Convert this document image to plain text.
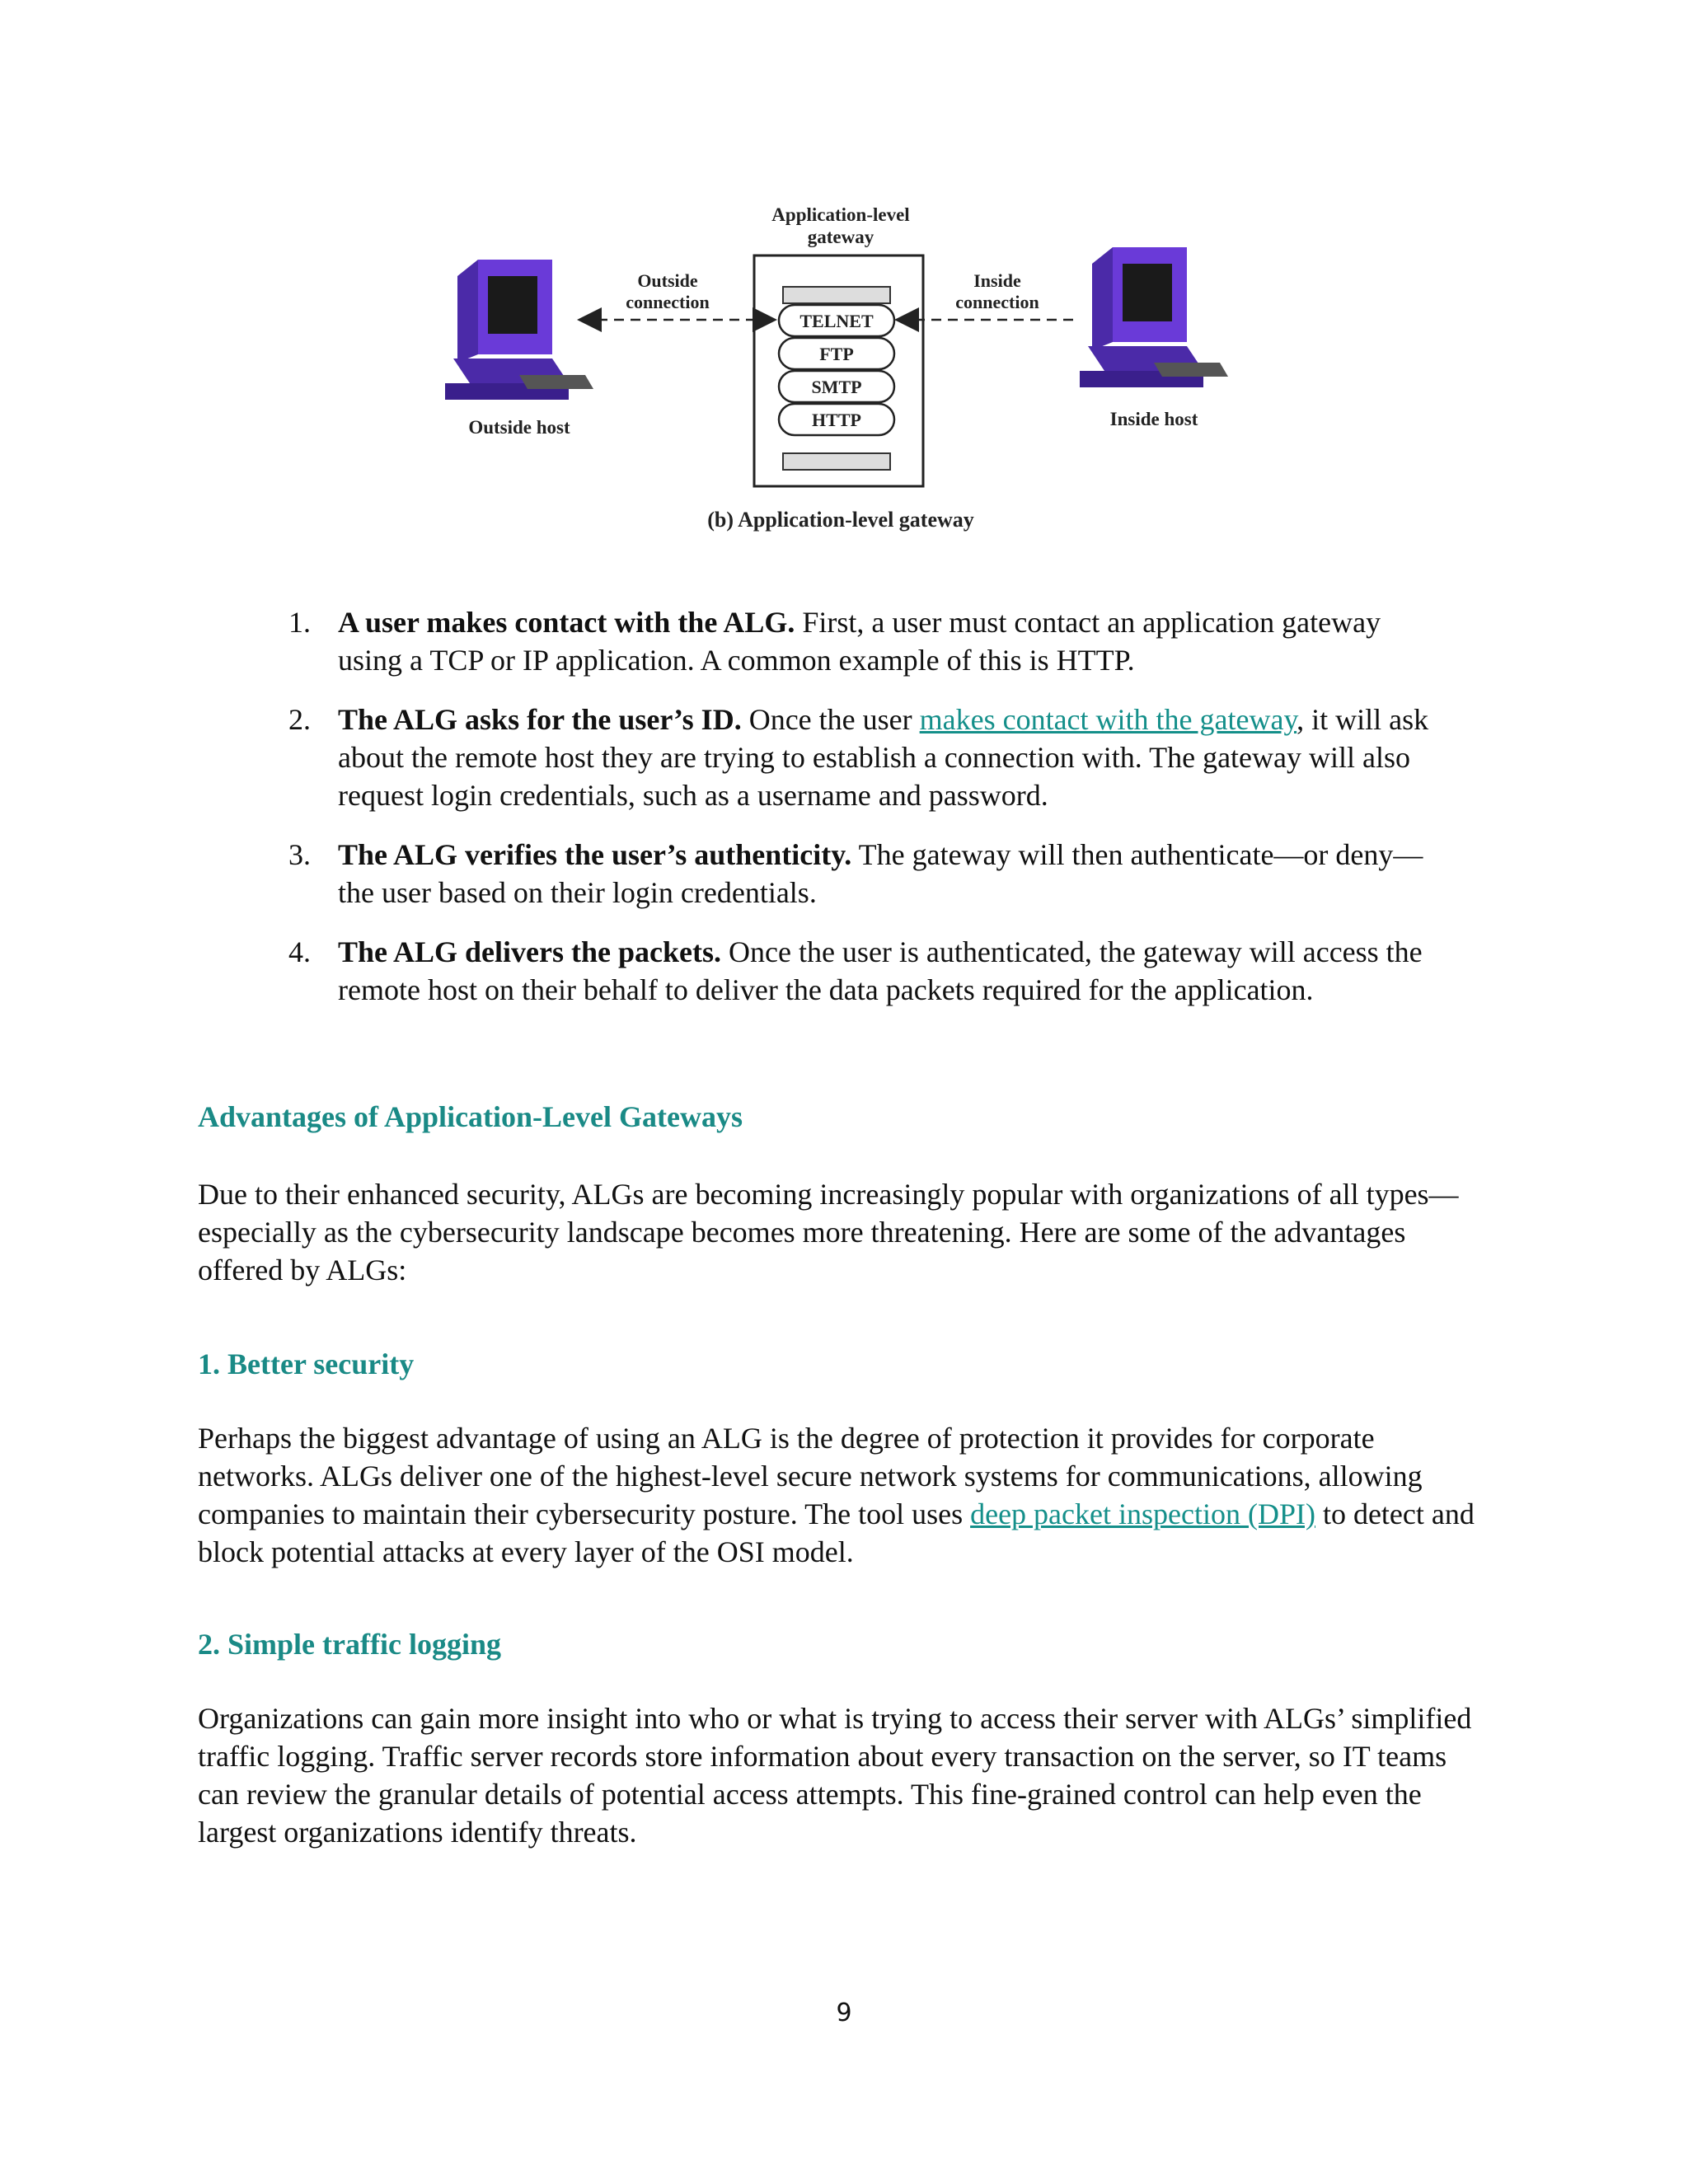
Application-level
gateway
TELNET
FTP
SMTP
HTTP
Outside
connection
Inside
connection
Outside host	Inside host
(b) Application-level gateway
1. A user makes contact with the ALG. First, a user must contact an application gateway using a TCP or IP application. A common example of this is HTTP.
2. The ALG asks for the user’s ID. Once the user makes contact with the gateway, it will ask about the remote host they are trying to establish a connection with. The gateway will also request login credentials, such as a username and password.
3. The ALG verifies the user’s authenticity. The gateway will then authenticate—or deny—the user based on their login credentials.
4. The ALG delivers the packets. Once the user is authenticated, the gateway will access the remote host on their behalf to deliver the data packets required for the application.
Advantages of Application-Level Gateways

Due to their enhanced security, ALGs are becoming increasingly popular with organizations of all types—especially as the cybersecurity landscape becomes more threatening. Here are some of the advantages offered by ALGs:

1. Better security

Perhaps the biggest advantage of using an ALG is the degree of protection it provides for corporate networks. ALGs deliver one of the highest-level secure network systems for communications, allowing companies to maintain their cybersecurity posture. The tool uses deep packet inspection (DPI) to detect and block potential attacks at every layer of the OSI model.

2. Simple traffic logging

Organizations can gain more insight into who or what is trying to access their server with ALGs’ simplified traffic logging. Traffic server records store information about every transaction on the server, so IT teams can review the granular details of potential access attempts. This fine-grained control can help even the largest organizations identify threats.

9
